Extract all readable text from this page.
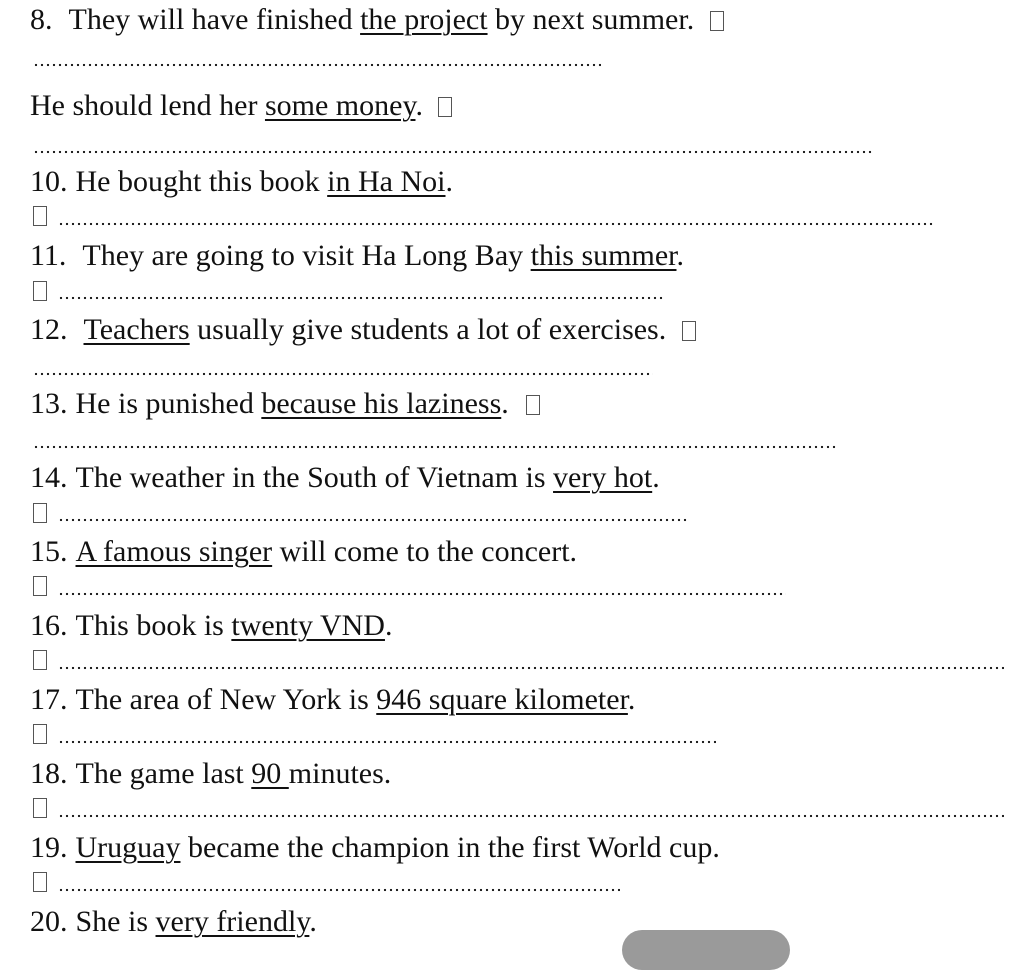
8. They will have finished the project by next summer.
He should lend her some money.
10. He bought this book in Ha Noi.
11. They are going to visit Ha Long Bay this summer.
12. Teachers usually give students a lot of exercises.
13. He is punished because his laziness.
14. The weather in the South of Vietnam is very hot.
15. A famous singer will come to the concert.
16. This book is twenty VND.
17. The area of New York is 946 square kilometer.
18. The game last 90 minutes.
19. Uruguay became the champion in the first World cup.
20. She is very friendly.
